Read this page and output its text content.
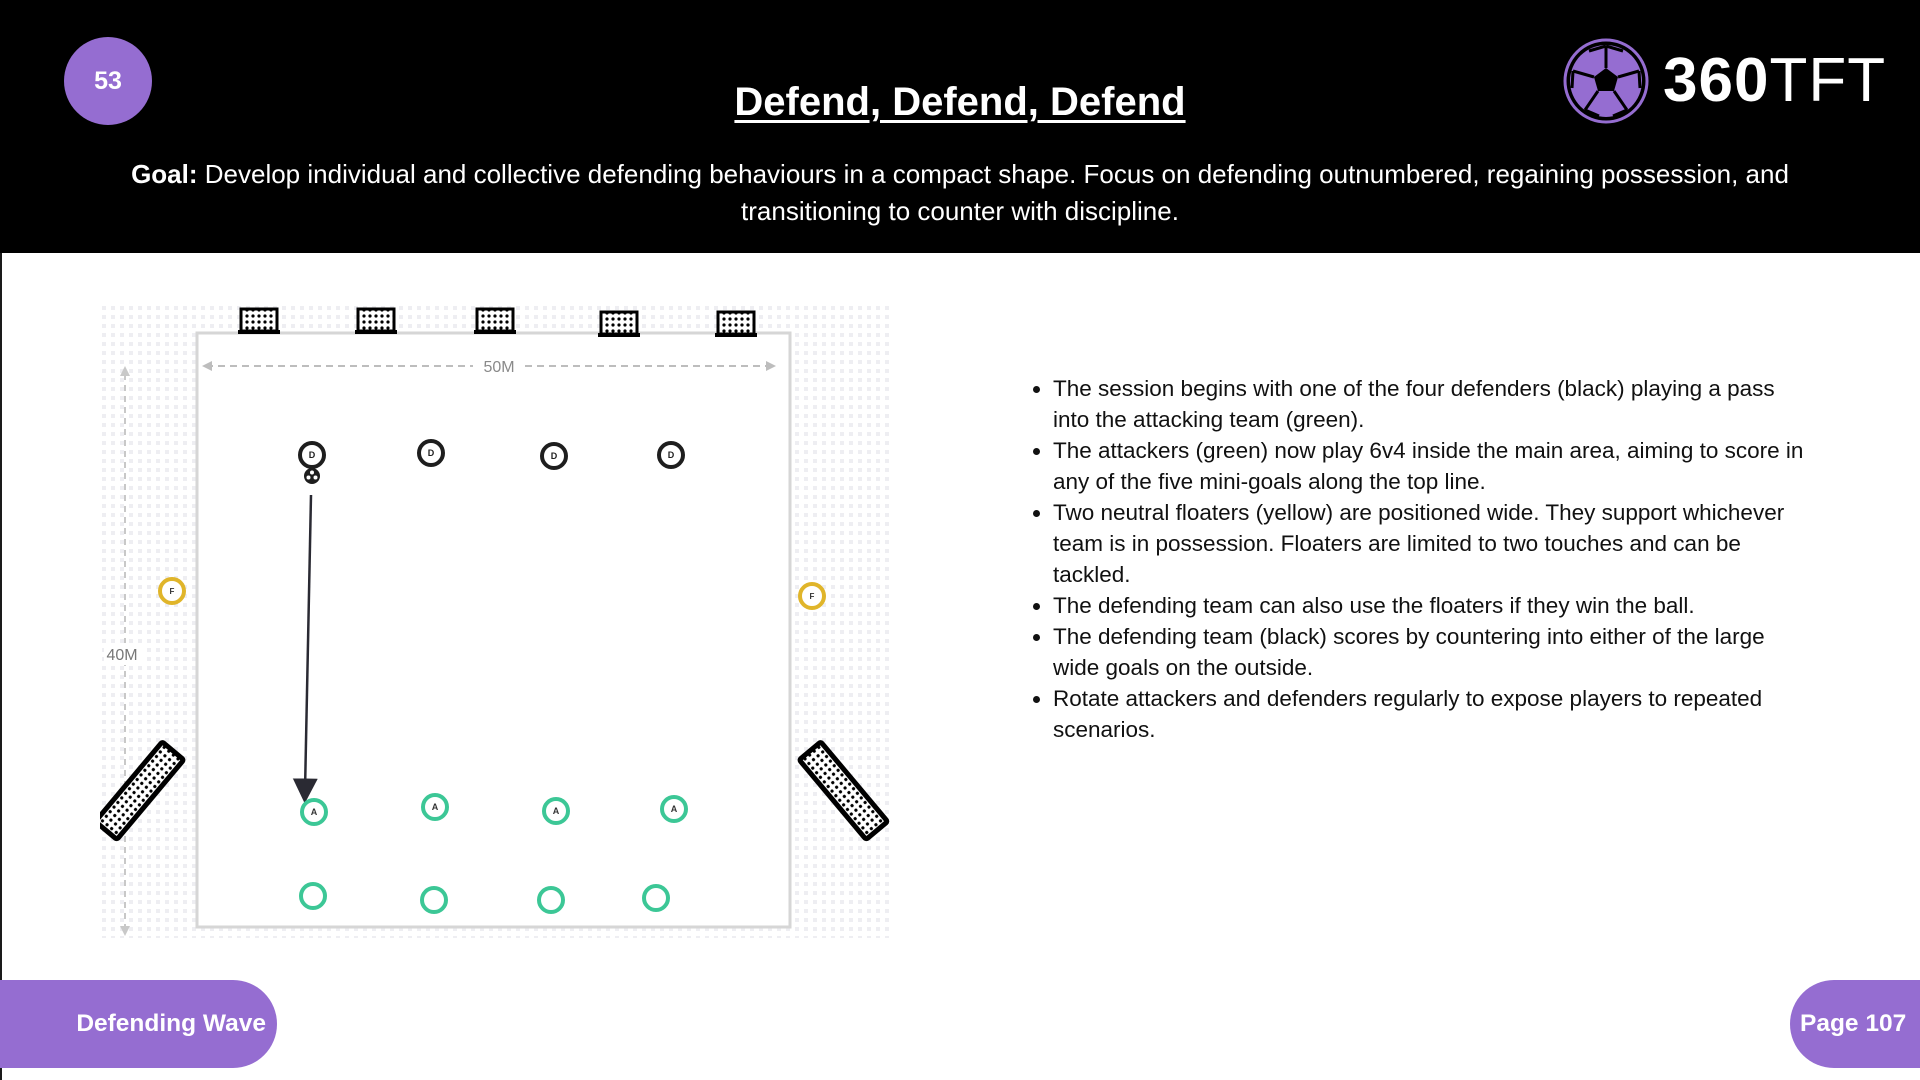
53	Defend, Defend, Defend
Goal: Develop individual and collective defending behaviours in a compact shape. Focus on defending outnumbered, regaining possession, and transitioning to counter with discipline.
360TFT
50M
40M
D	D	D	D
F
F
A	A	A	A
• The session begins with one of the four defenders (black) playing a pass into the attacking team (green).
• The attackers (green) now play 6v4 inside the main area, aiming to score in any of the five mini-goals along the top line.
• Two neutral floaters (yellow) are positioned wide. They support whichever team is in possession. Floaters are limited to two touches and can be tackled.
• The defending team can also use the floaters if they win the ball.
• The defending team (black) scores by countering into either of the large wide goals on the outside.
• Rotate attackers and defenders regularly to expose players to repeated scenarios.
Defending Wave	Page 107
